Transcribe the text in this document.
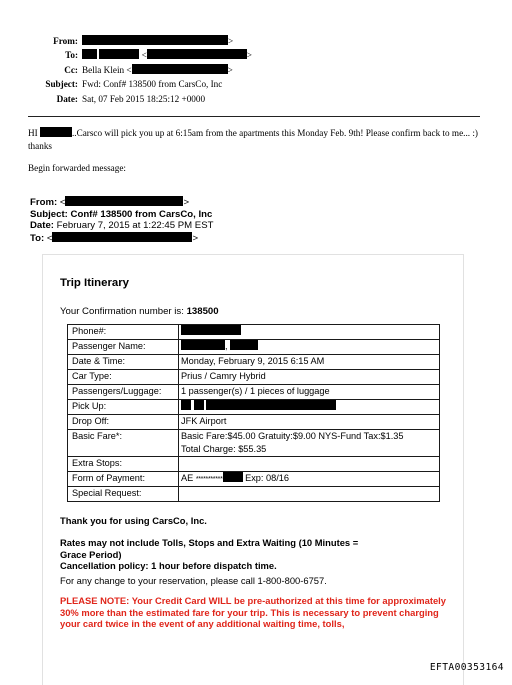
From:	>
To:	<	>
Cc: Bella Klein <	>
Subject: Fwd: Conf# 138500 from CarsCo, Inc
Date: Sat, 07 Feb 2015 18:25:12 +0000
HI	..Carsco will pick you up at 6:15am from the apartments this Monday Feb. 9th! Please confirm back to me... :) thanks
Begin forwarded message:
From: <	>
Subject: Conf# 138500 from CarsCo, Inc
Date: February 7, 2015 at 1:22:45 PM EST
To: <	>
Trip Itinerary
Your Confirmation number is: 138500
Phone#:	
Passenger Name:	,
Date & Time:	Monday, February 9, 2015 6:15 AM
Car Type:	Prius / Camry Hybrid
Passengers/Luggage:	1 passenger(s) / 1 pieces of luggage
Pick Up:	
Drop Off:	JFK Airport
Basic Fare*:	Basic Fare:$45.00 Gratuity:$9.00 NYS-Fund Tax:$1.35
Total Charge: $55.35

Extra Stops:	
Form of Payment:	AE *********** Exp: 08/16
Special Request:	
Thank you for using CarsCo, Inc.
Rates may not include Tolls, Stops and Extra Waiting (10 Minutes = Grace Period)
Cancellation policy: 1 hour before dispatch time.
For any change to your reservation, please call 1-800-800-6757.
PLEASE NOTE: Your Credit Card WILL be pre-authorized at this time for approximately 30% more than the estimated fare for your trip. This is necessary to prevent charging your card twice in the event of any additional waiting time, tolls,
EFTA00353164
